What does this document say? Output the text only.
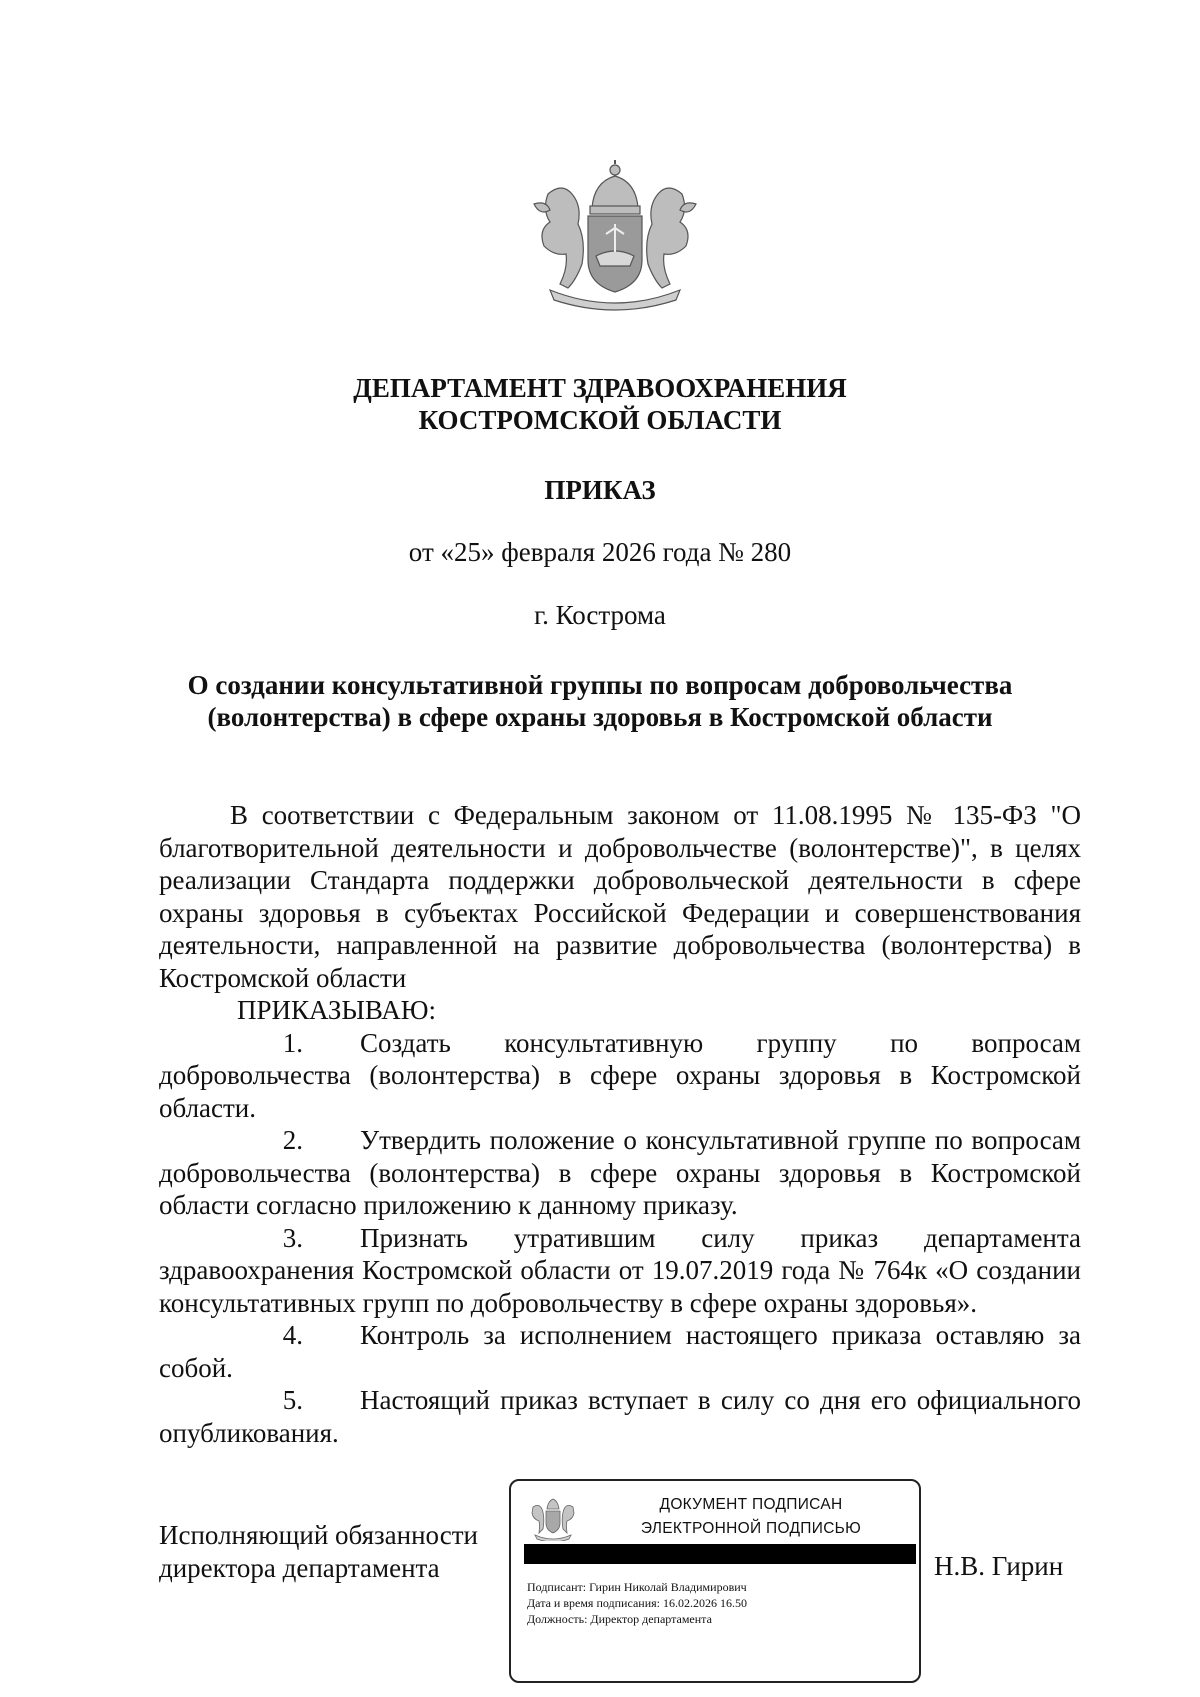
ДЕПАРТАМЕНТ ЗДРАВООХРАНЕНИЯ
КОСТРОМСКОЙ ОБЛАСТИ
ПРИКАЗ
от «25» февраля 2026 года № 280
г. Кострома
О создании консультативной группы по вопросам добровольчества
(волонтерства) в сфере охраны здоровья в Костромской области

В соответствии с Федеральным законом от 11.08.1995 № 135-ФЗ "О благотворительной деятельности и добровольчестве (волонтерстве)", в целях реализации Стандарта поддержки добровольческой деятельности в сфере охраны здоровья в субъектах Российской Федерации и совершенствования деятельности, направленной на развитие добровольчества (волонтерства) в Костромской области

ПРИКАЗЫВАЮ:

1. Создать консультативную группу по вопросам добровольчества (волонтерства) в сфере охраны здоровья в Костромской области.

2. Утвердить положение о консультативной группе по вопросам добровольчества (волонтерства) в сфере охраны здоровья в Костромской области согласно приложению к данному приказу.

3. Признать утратившим силу приказ департамента здравоохранения Костромской области от 19.07.2019 года № 764к «О создании консультативных групп по добровольчеству в сфере охраны здоровья».

4. Контроль за исполнением настоящего приказа оставляю за собой.

5. Настоящий приказ вступает в силу со дня его официального опубликования.

Исполняющий обязанности
директора департамента	Н.В. Гирин
ДОКУМЕНТ ПОДПИСАН
ЭЛЕКТРОННОЙ ПОДПИСЬЮ
Подписант: Гирин Николай Владимирович
Дата и время подписания: 16.02.2026 16.50
Должность: Директор департамента
